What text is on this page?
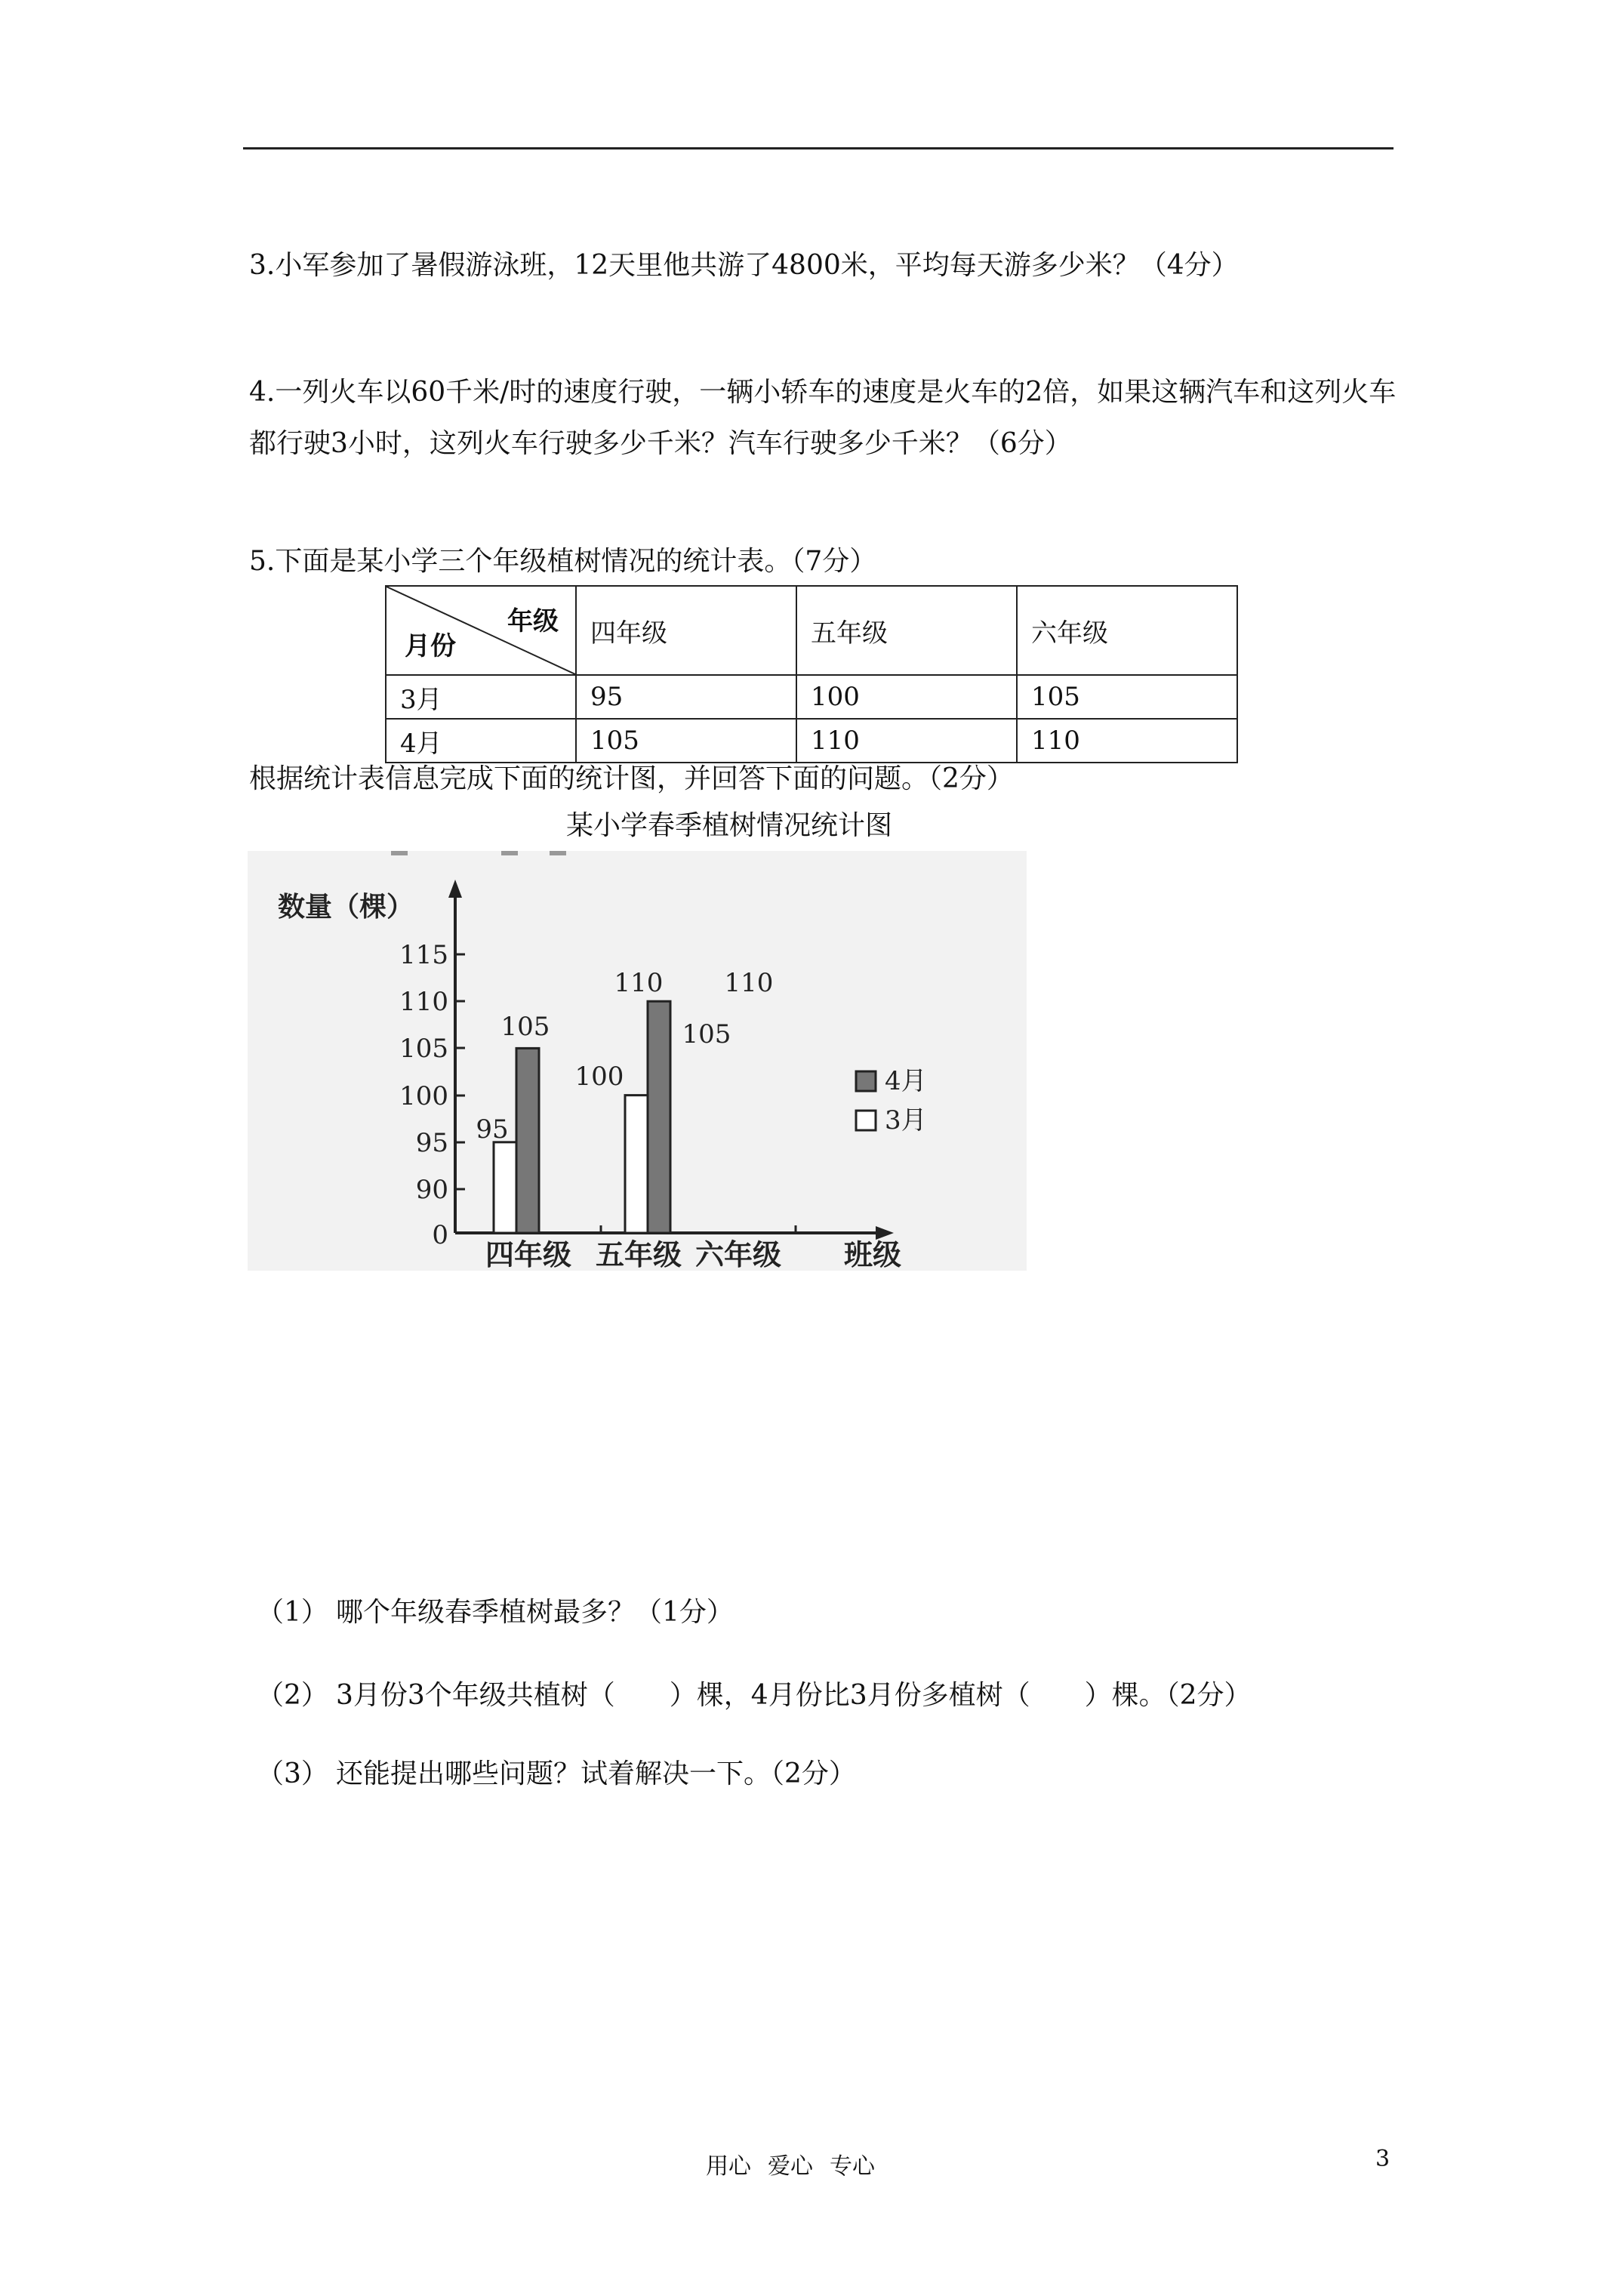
3.小军参加了暑假游泳班，12天里他共游了4800米，平均每天游多少米？（4分）
4.一列火车以60千米/时的速度行驶，一辆小轿车的速度是火车的2倍，如果这辆汽车和这列火车都行驶3小时，这列火车行驶多少千米？汽车行驶多少千米？（6分）
5.下面是某小学三个年级植树情况的统计表。（7分）
年级
月份	四年级	五年级	六年级
3月	95	100	105
4月	105	110	110
根据统计表信息完成下面的统计图，并回答下面的问题。（2分）
某小学春季植树情况统计图
数量（棵）
115
110
105
100
95
90
0
95
105
100
105
110 110
四年级 五年级 六年级 班级
4月
3月
（1） 哪个年级春季植树最多？（1分）
（2） 3月份3个年级共植树（　　）棵，4月份比3月份多植树（　　）棵。（2分）
（3） 还能提出哪些问题？试着解决一下。（2分）
用心 爱心 专心	3
